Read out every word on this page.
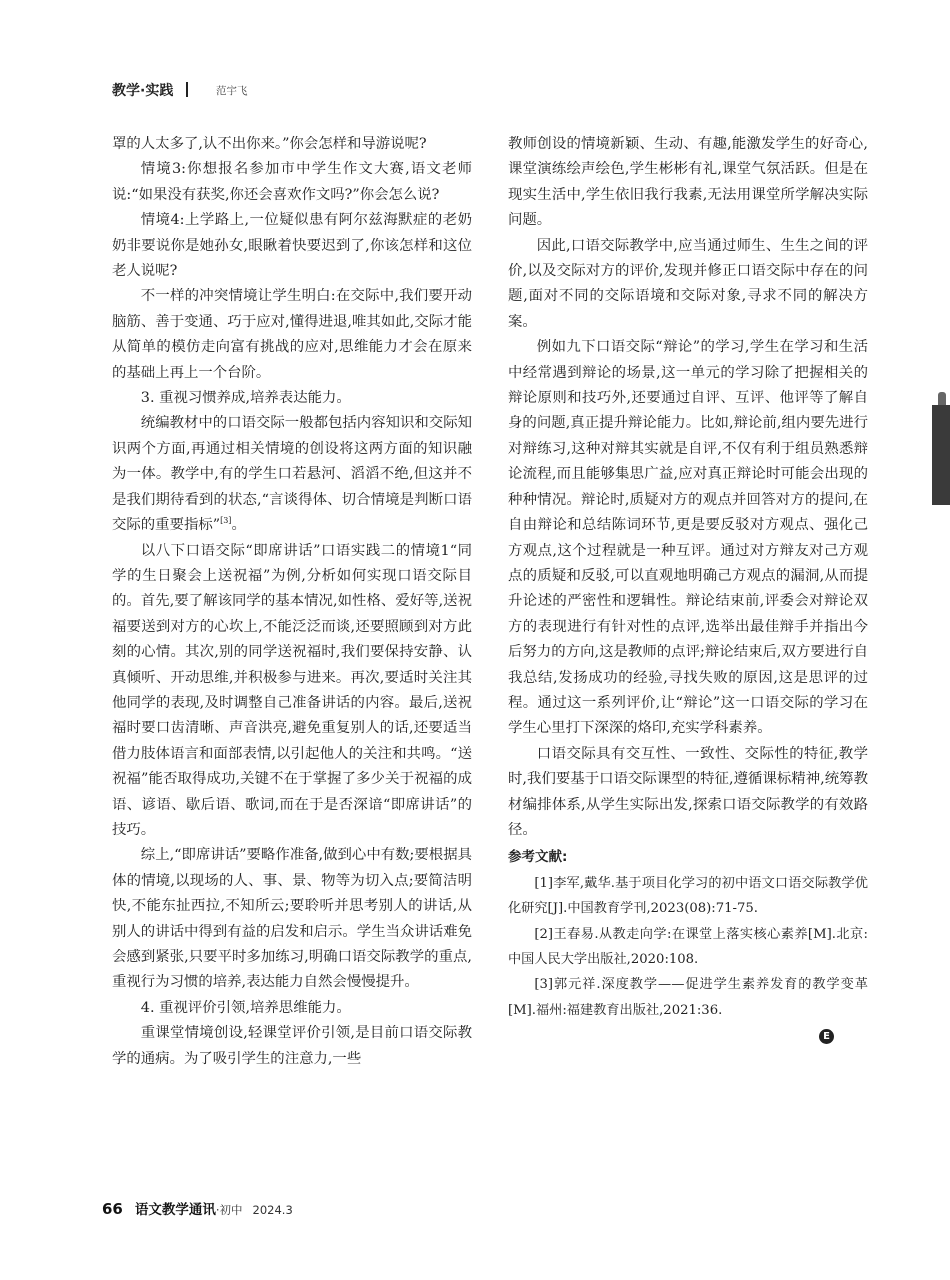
教学·实践	范宇飞

罩的人太多了,认不出你来。”你会怎样和导游说呢?

情境3:你想报名参加市中学生作文大赛,语文老师说:“如果没有获奖,你还会喜欢作文吗?”你会怎么说?

情境4:上学路上,一位疑似患有阿尔兹海默症的老奶奶非要说你是她孙女,眼瞅着快要迟到了,你该怎样和这位老人说呢?

不一样的冲突情境让学生明白:在交际中,我们要开动脑筋、善于变通、巧于应对,懂得进退,唯其如此,交际才能从简单的模仿走向富有挑战的应对,思维能力才会在原来的基础上再上一个台阶。

3. 重视习惯养成,培养表达能力。

统编教材中的口语交际一般都包括内容知识和交际知识两个方面,再通过相关情境的创设将这两方面的知识融为一体。教学中,有的学生口若悬河、滔滔不绝,但这并不是我们期待看到的状态,“言谈得体、切合情境是判断口语交际的重要指标”[3]。

以八下口语交际“即席讲话”口语实践二的情境1“同学的生日聚会上送祝福”为例,分析如何实现口语交际目的。首先,要了解该同学的基本情况,如性格、爱好等,送祝福要送到对方的心坎上,不能泛泛而谈,还要照顾到对方此刻的心情。其次,别的同学送祝福时,我们要保持安静、认真倾听、开动思维,并积极参与进来。再次,要适时关注其他同学的表现,及时调整自己准备讲话的内容。最后,送祝福时要口齿清晰、声音洪亮,避免重复别人的话,还要适当借力肢体语言和面部表情,以引起他人的关注和共鸣。“送祝福”能否取得成功,关键不在于掌握了多少关于祝福的成语、谚语、歇后语、歌词,而在于是否深谙“即席讲话”的技巧。

综上,“即席讲话”要略作准备,做到心中有数;要根据具体的情境,以现场的人、事、景、物等为切入点;要简洁明快,不能东扯西拉,不知所云;要聆听并思考别人的讲话,从别人的讲话中得到有益的启发和启示。学生当众讲话难免会感到紧张,只要平时多加练习,明确口语交际教学的重点,重视行为习惯的培养,表达能力自然会慢慢提升。

4. 重视评价引领,培养思维能力。

重课堂情境创设,轻课堂评价引领,是目前口语交际教学的通病。为了吸引学生的注意力,一些

教师创设的情境新颖、生动、有趣,能激发学生的好奇心,课堂演练绘声绘色,学生彬彬有礼,课堂气氛活跃。但是在现实生活中,学生依旧我行我素,无法用课堂所学解决实际问题。

因此,口语交际教学中,应当通过师生、生生之间的评价,以及交际对方的评价,发现并修正口语交际中存在的问题,面对不同的交际语境和交际对象,寻求不同的解决方案。

例如九下口语交际“辩论”的学习,学生在学习和生活中经常遇到辩论的场景,这一单元的学习除了把握相关的辩论原则和技巧外,还要通过自评、互评、他评等了解自身的问题,真正提升辩论能力。比如,辩论前,组内要先进行对辩练习,这种对辩其实就是自评,不仅有利于组员熟悉辩论流程,而且能够集思广益,应对真正辩论时可能会出现的种种情况。辩论时,质疑对方的观点并回答对方的提问,在自由辩论和总结陈词环节,更是要反驳对方观点、强化己方观点,这个过程就是一种互评。通过对方辩友对己方观点的质疑和反驳,可以直观地明确己方观点的漏洞,从而提升论述的严密性和逻辑性。辩论结束前,评委会对辩论双方的表现进行有针对性的点评,选举出最佳辩手并指出今后努力的方向,这是教师的点评;辩论结束后,双方要进行自我总结,发扬成功的经验,寻找失败的原因,这是思评的过程。通过这一系列评价,让“辩论”这一口语交际的学习在学生心里打下深深的烙印,充实学科素养。

口语交际具有交互性、一致性、交际性的特征,教学时,我们要基于口语交际课型的特征,遵循课标精神,统筹教材编排体系,从学生实际出发,探索口语交际教学的有效路径。

参考文献:

[1]李军,戴华.基于项目化学习的初中语文口语交际教学优化研究[J].中国教育学刊,2023(08):71-75.

[2]王春易.从教走向学:在课堂上落实核心素养[M].北京:中国人民大学出版社,2020:108.

[3]郭元祥.深度教学——促进学生素养发育的教学变革[M].福州:福建教育出版社,2021:36.

E
66 语文教学通讯·初中 2024.3
